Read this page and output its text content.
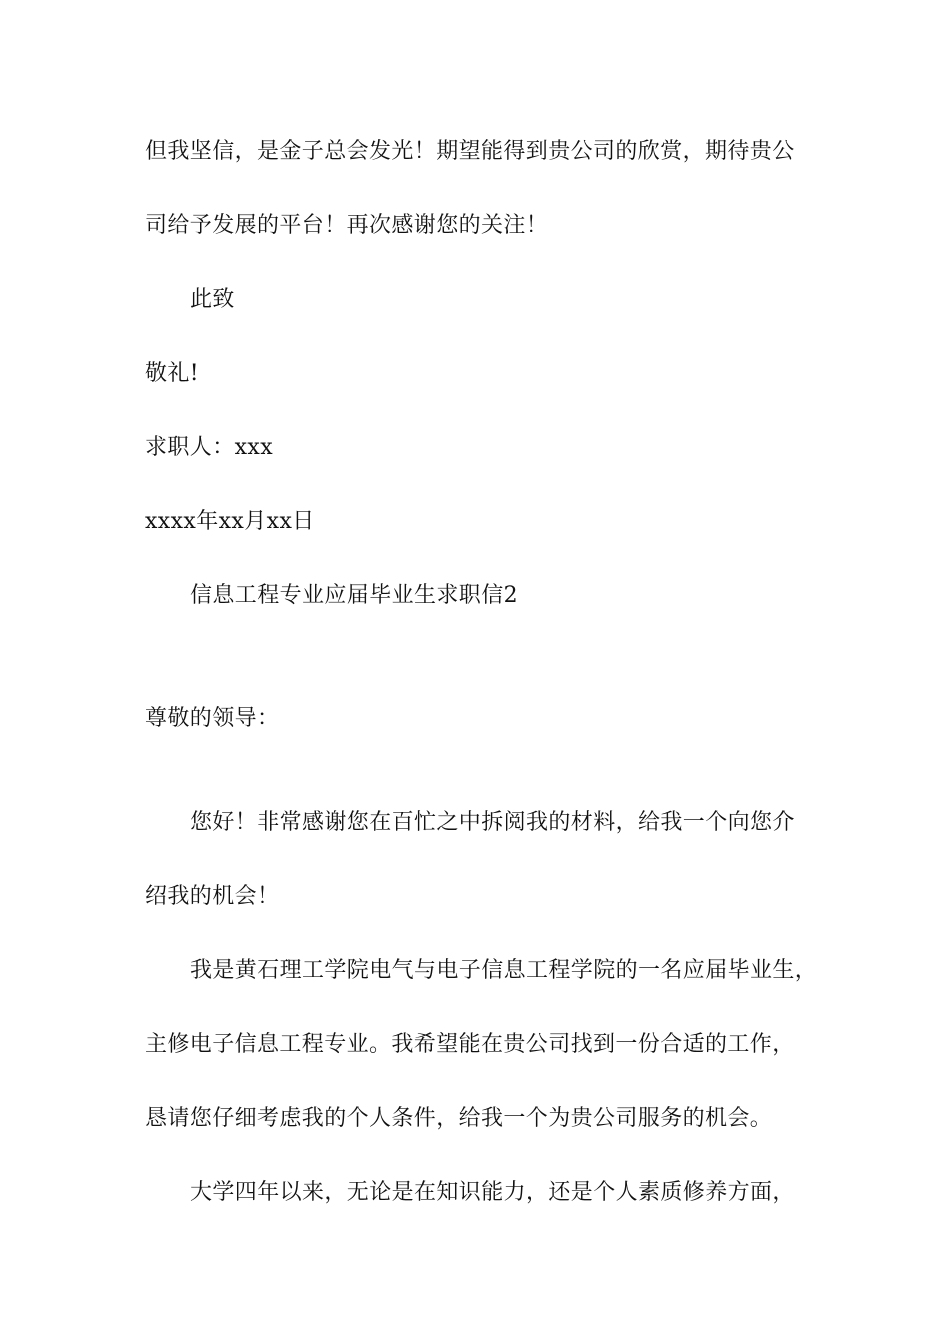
但我坚信，是金子总会发光！期望能得到贵公司的欣赏，期待贵公
司给予发展的平台！再次感谢您的关注！
此致
敬礼!
求职人：xxx
xxxx年xx月xx日
信息工程专业应届毕业生求职信2
尊敬的领导：
您好！非常感谢您在百忙之中拆阅我的材料，给我一个向您介
绍我的机会！
我是黄石理工学院电气与电子信息工程学院的一名应届毕业生，
主修电子信息工程专业。我希望能在贵公司找到一份合适的工作，
恳请您仔细考虑我的个人条件，给我一个为贵公司服务的机会。
大学四年以来，无论是在知识能力，还是个人素质修养方面，
